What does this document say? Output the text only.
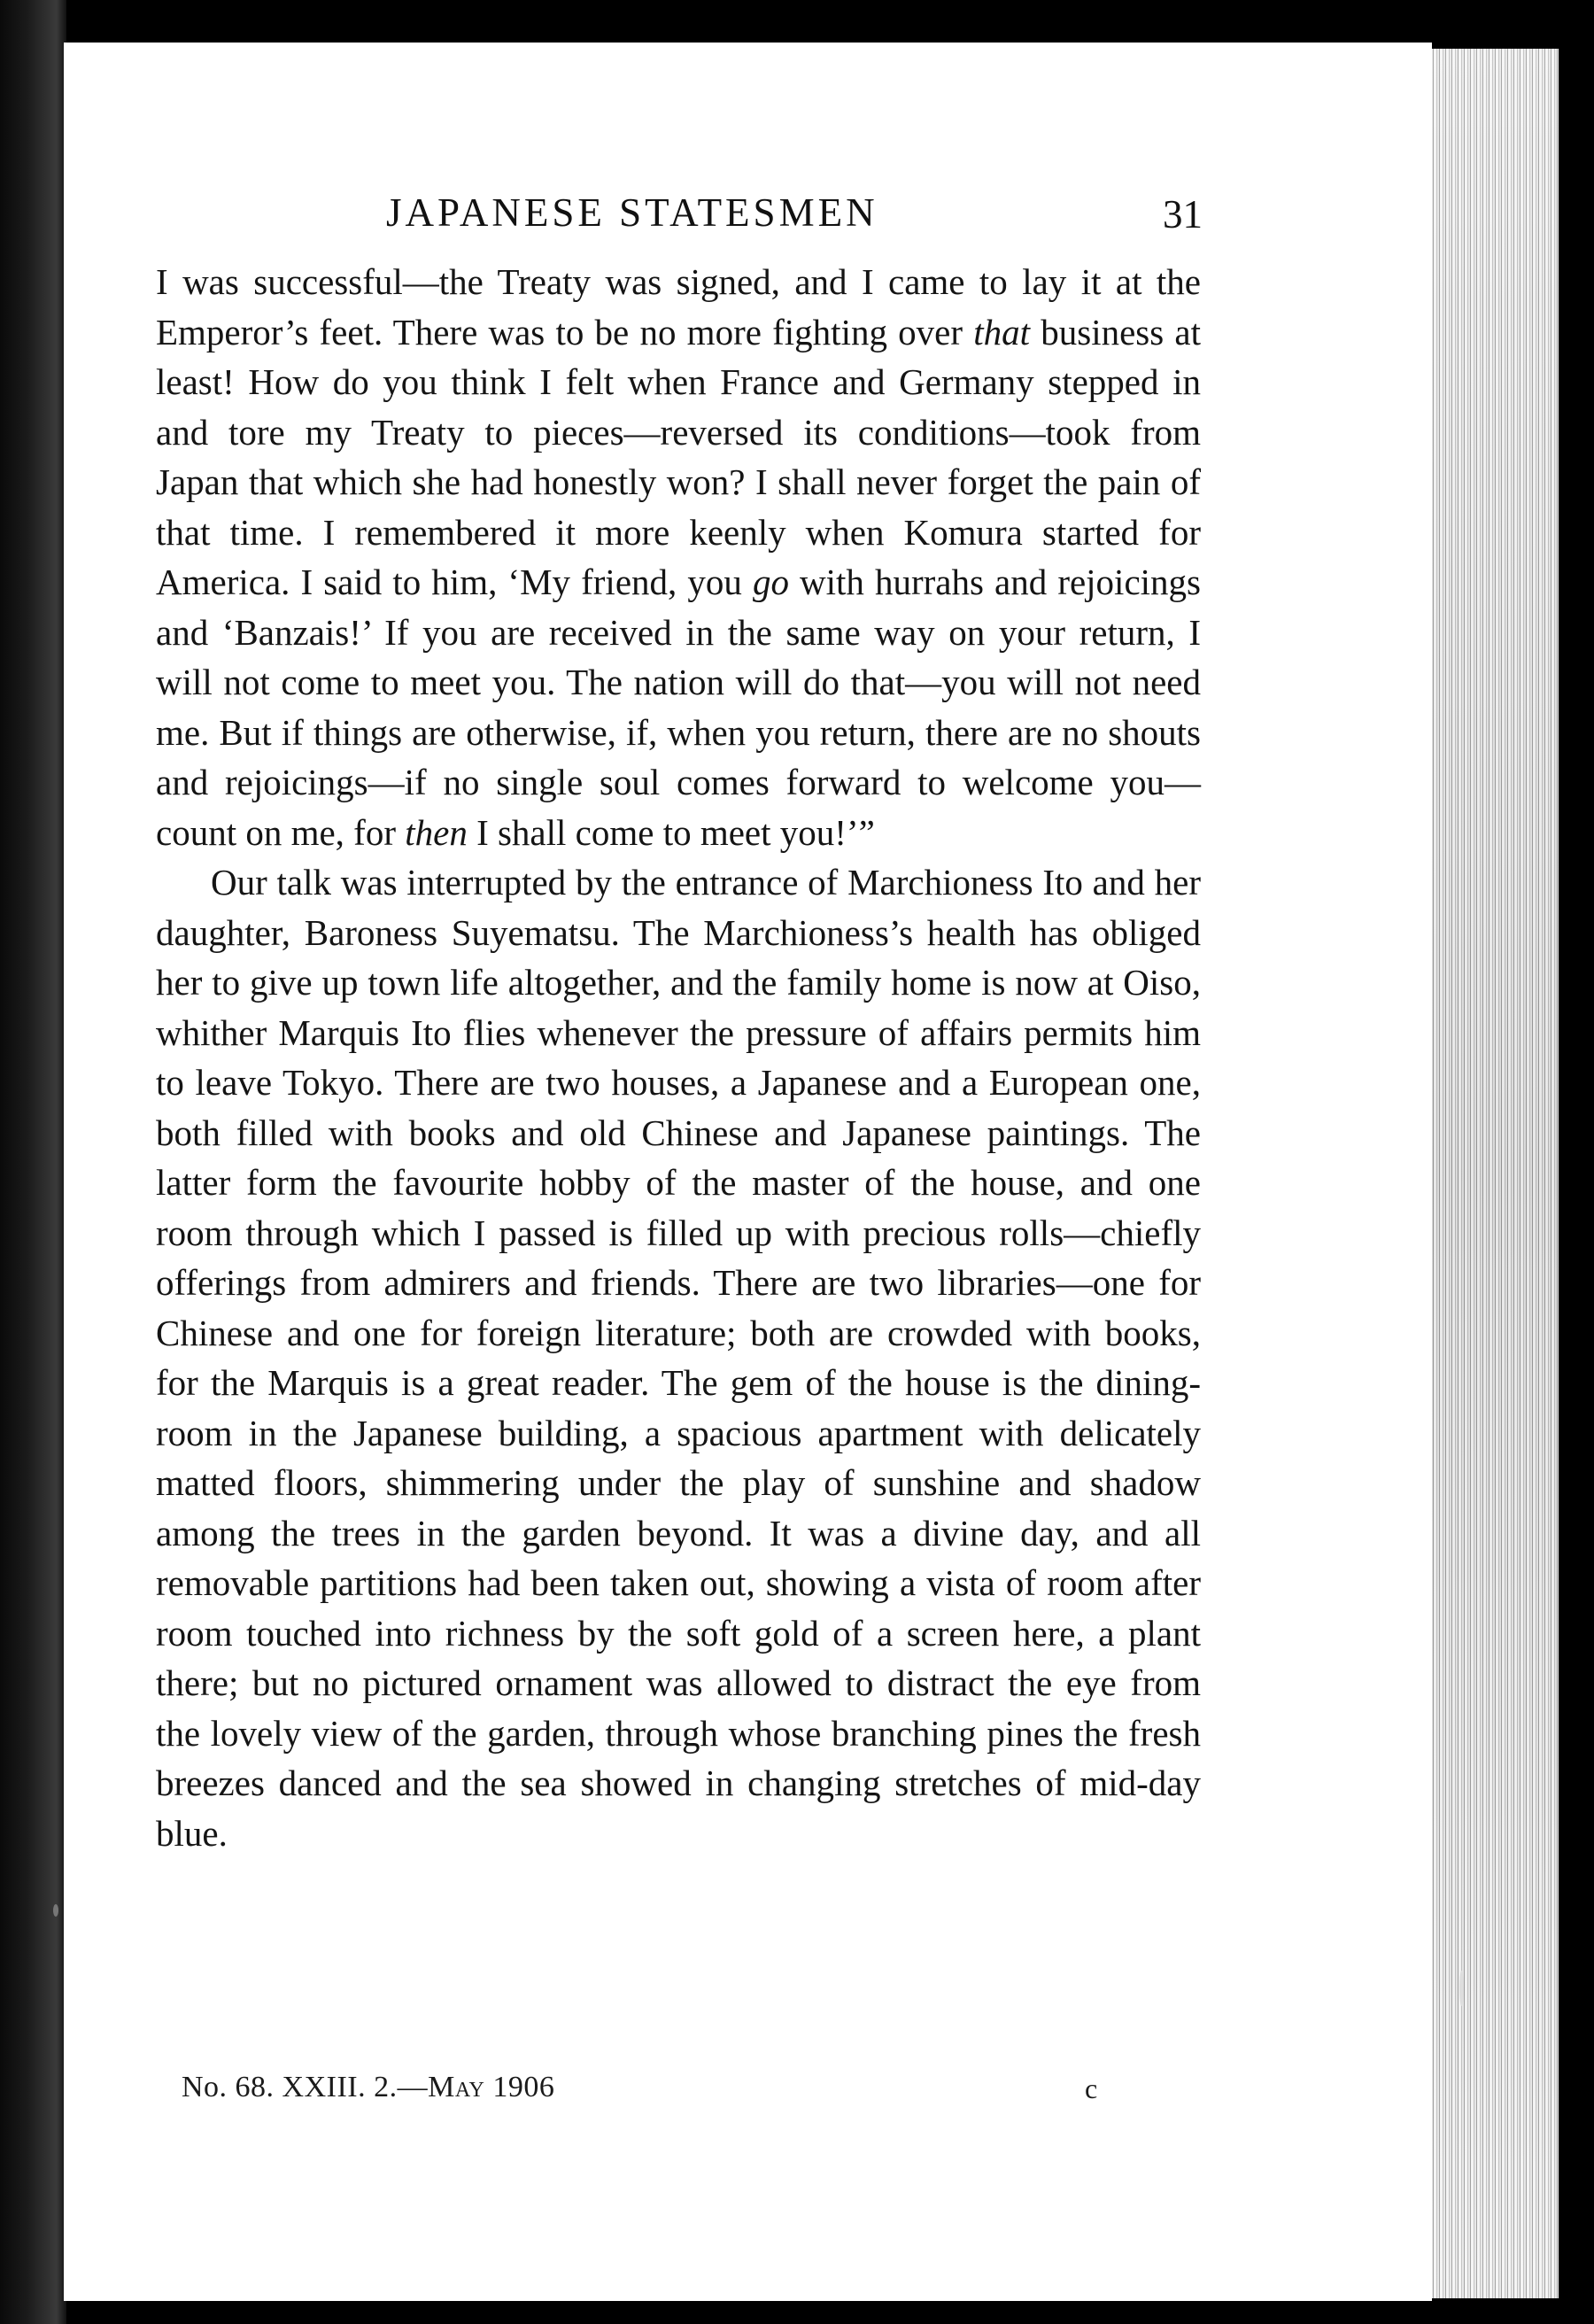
JAPANESE STATESMEN	31

I was successful—the Treaty was signed, and I came to lay it at the Emperor’s feet. There was to be no more fighting over that business at least! How do you think I felt when France and Germany stepped in and tore my Treaty to pieces—reversed its conditions—took from Japan that which she had honestly won? I shall never forget the pain of that time. I remembered it more keenly when Komura started for America. I said to him, ‘My friend, you go with hurrahs and rejoicings and ‘Banzais!’ If you are received in the same way on your return, I will not come to meet you. The nation will do that—you will not need me. But if things are otherwise, if, when you return, there are no shouts and rejoicings—if no single soul comes forward to welcome you—count on me, for then I shall come to meet you!’”

Our talk was interrupted by the entrance of Marchioness Ito and her daughter, Baroness Suyematsu. The Marchioness’s health has obliged her to give up town life altogether, and the family home is now at Oiso, whither Marquis Ito flies whenever the pressure of affairs permits him to leave Tokyo. There are two houses, a Japanese and a European one, both filled with books and old Chinese and Japanese paintings. The latter form the favourite hobby of the master of the house, and one room through which I passed is filled up with precious rolls—chiefly offerings from admirers and friends. There are two libraries—one for Chinese and one for foreign literature; both are crowded with books, for the Marquis is a great reader. The gem of the house is the dining-room in the Japanese building, a spacious apartment with delicately matted floors, shimmering under the play of sunshine and shadow among the trees in the garden beyond. It was a divine day, and all removable partitions had been taken out, showing a vista of room after room touched into richness by the soft gold of a screen here, a plant there; but no pictured ornament was allowed to distract the eye from the lovely view of the garden, through whose branching pines the fresh breezes danced and the sea showed in changing stretches of mid-day blue.

No. 68. XXIII. 2.—May 1906	c
